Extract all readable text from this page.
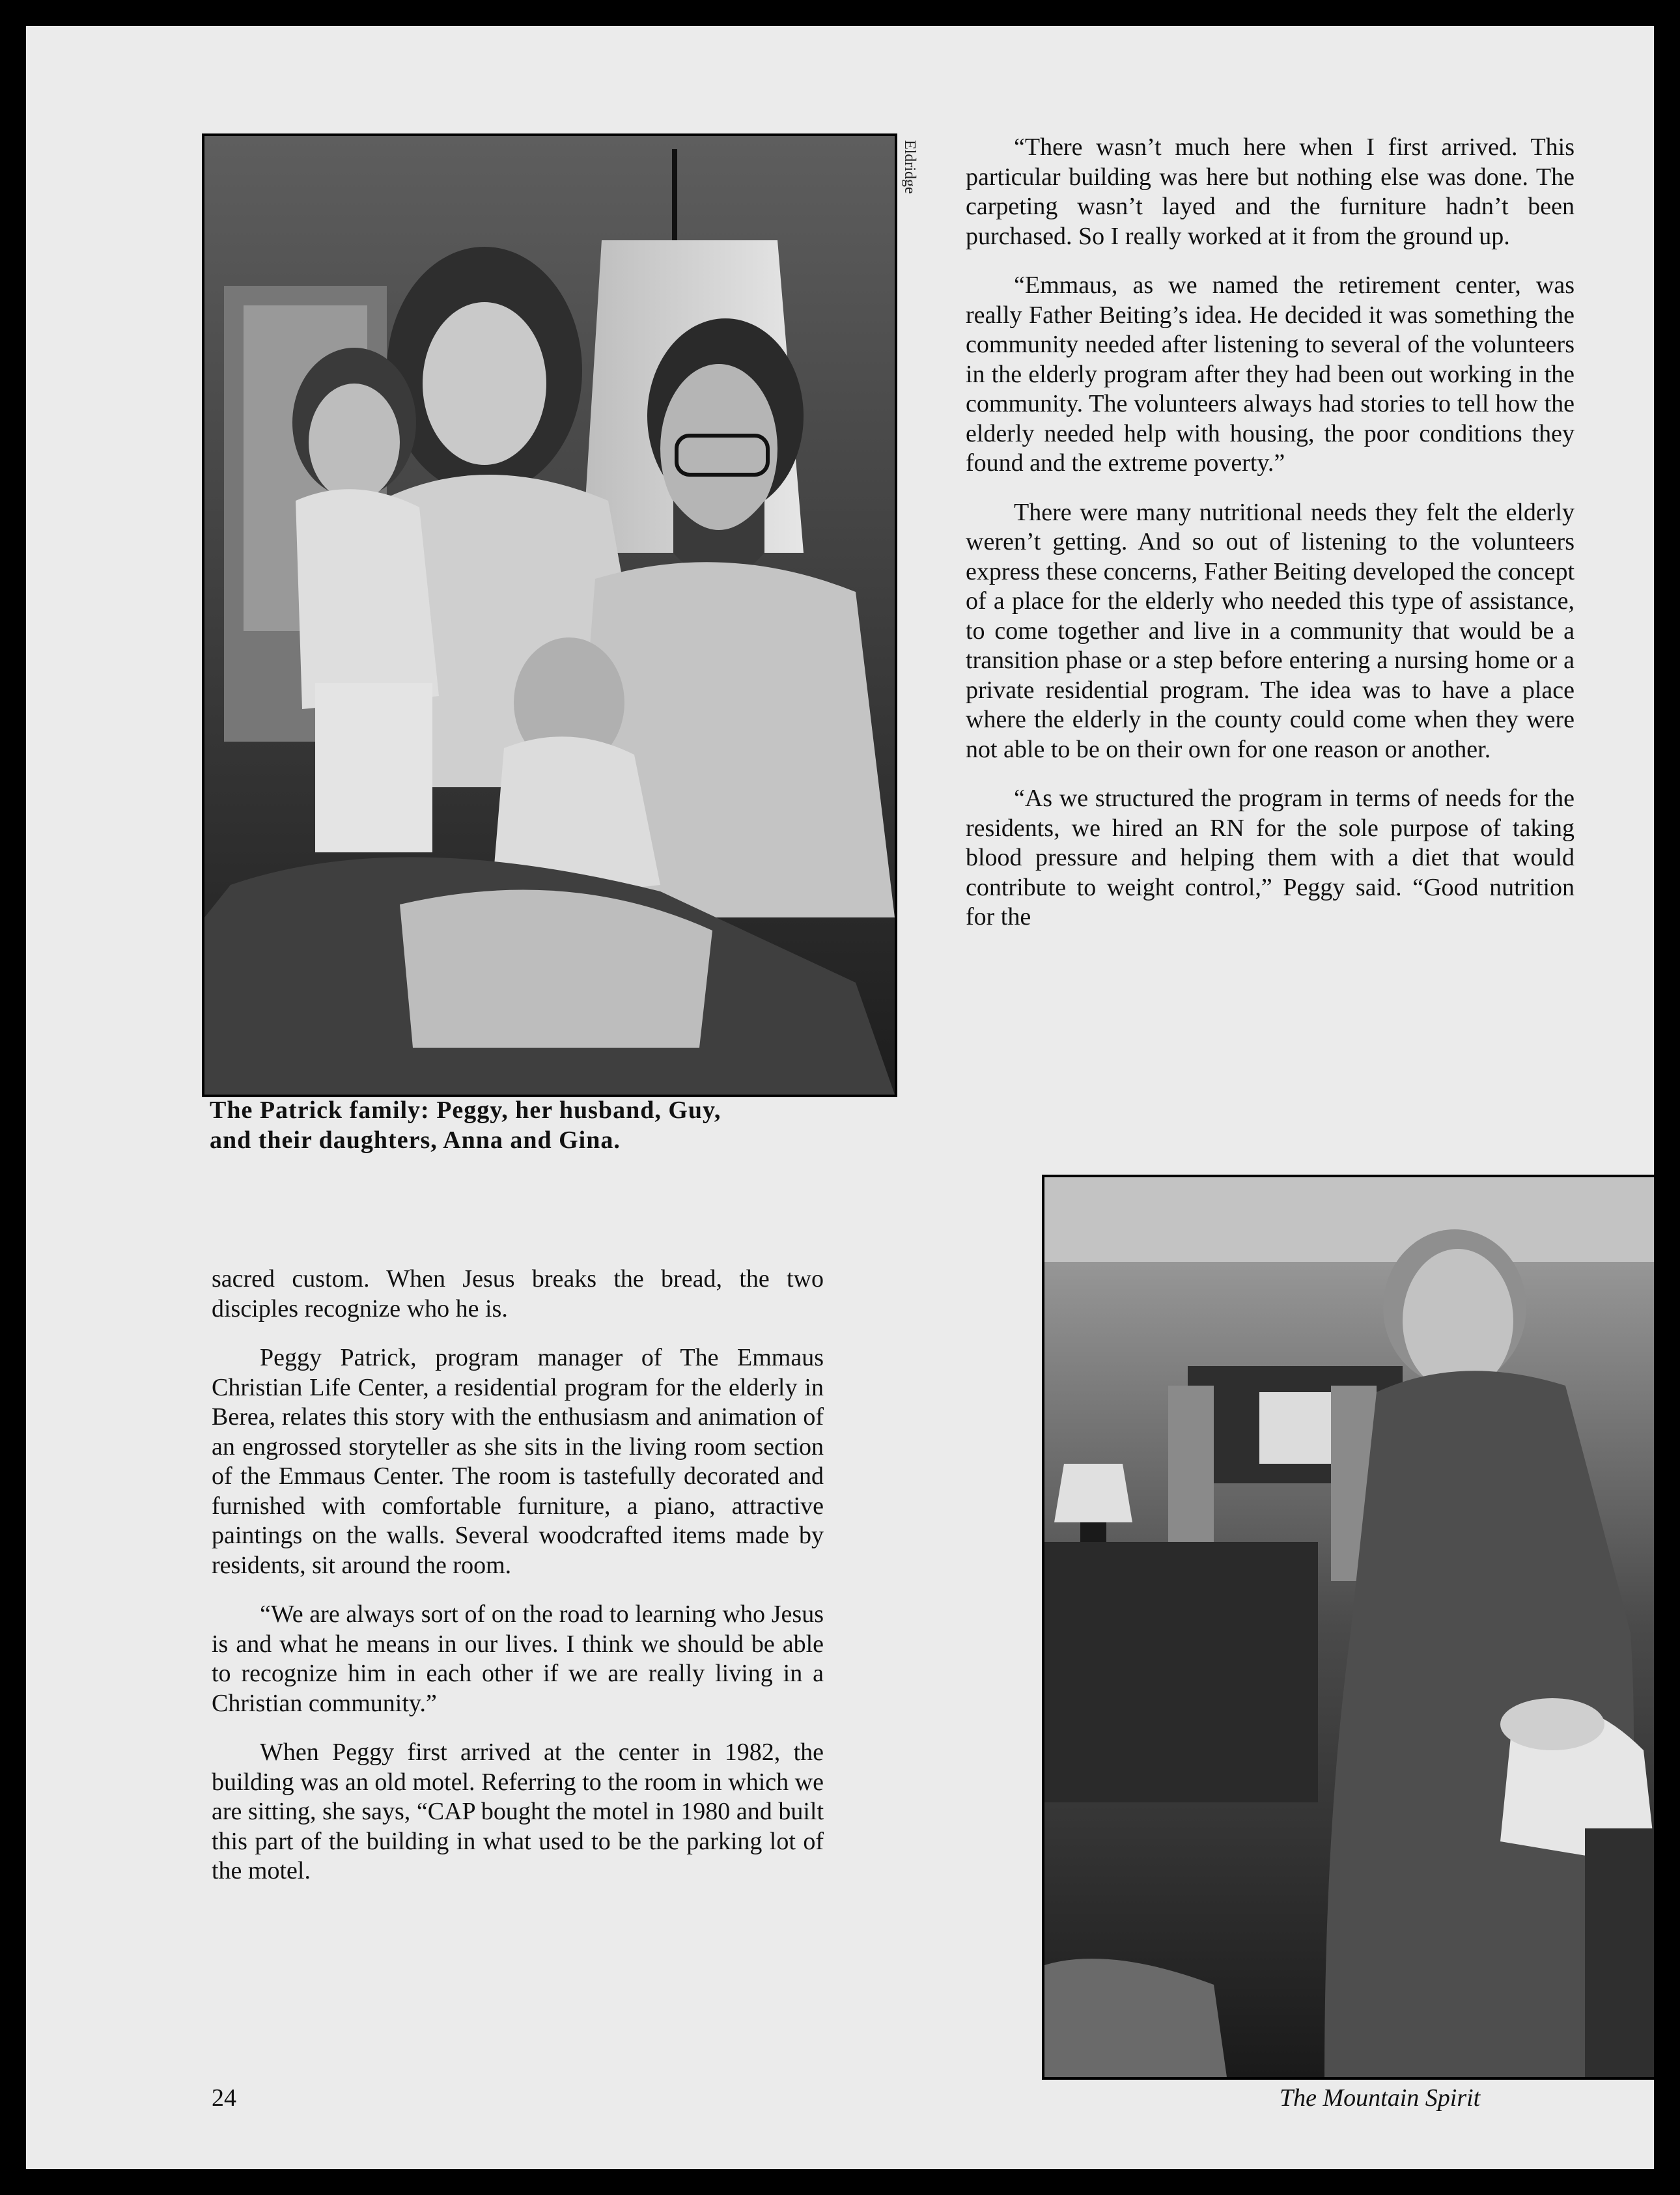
Eldridge
The Patrick family: Peggy, her husband, Guy,
and their daughters, Anna and Gina.

“There wasn’t much here when I first arrived. This particular building was here but nothing else was done. The carpeting wasn’t layed and the furniture hadn’t been purchased. So I really worked at it from the ground up.

“Emmaus, as we named the retirement center, was really Father Beiting’s idea. He decided it was something the community needed after listening to several of the volunteers in the elderly program after they had been out working in the community. The volunteers always had stories to tell how the elderly needed help with housing, the poor conditions they found and the extreme poverty.”

There were many nutritional needs they felt the elderly weren’t getting. And so out of listening to the volunteers express these concerns, Father Beiting developed the concept of a place for the elderly who needed this type of assistance, to come together and live in a community that would be a transition phase or a step before entering a nursing home or a private residential program. The idea was to have a place where the elderly in the county could come when they were not able to be on their own for one reason or another.

“As we structured the program in terms of needs for the residents, we hired an RN for the sole purpose of taking blood pressure and helping them with a diet that would contribute to weight control,” Peggy said. “Good nutrition for the

sacred custom. When Jesus breaks the bread, the two disciples recognize who he is.

Peggy Patrick, program manager of The Emmaus Christian Life Center, a residential program for the elderly in Berea, relates this story with the enthusiasm and animation of an engrossed storyteller as she sits in the living room section of the Emmaus Center. The room is tastefully decorated and furnished with comfortable furniture, a piano, attractive paintings on the walls. Several woodcrafted items made by residents, sit around the room.

“We are always sort of on the road to learning who Jesus is and what he means in our lives. I think we should be able to recognize him in each other if we are really living in a Christian community.”

When Peggy first arrived at the center in 1982, the building was an old motel. Referring to the room in which we are sitting, she says, “CAP bought the motel in 1980 and built this part of the building in what used to be the parking lot of the motel.

24	The Mountain Spirit
